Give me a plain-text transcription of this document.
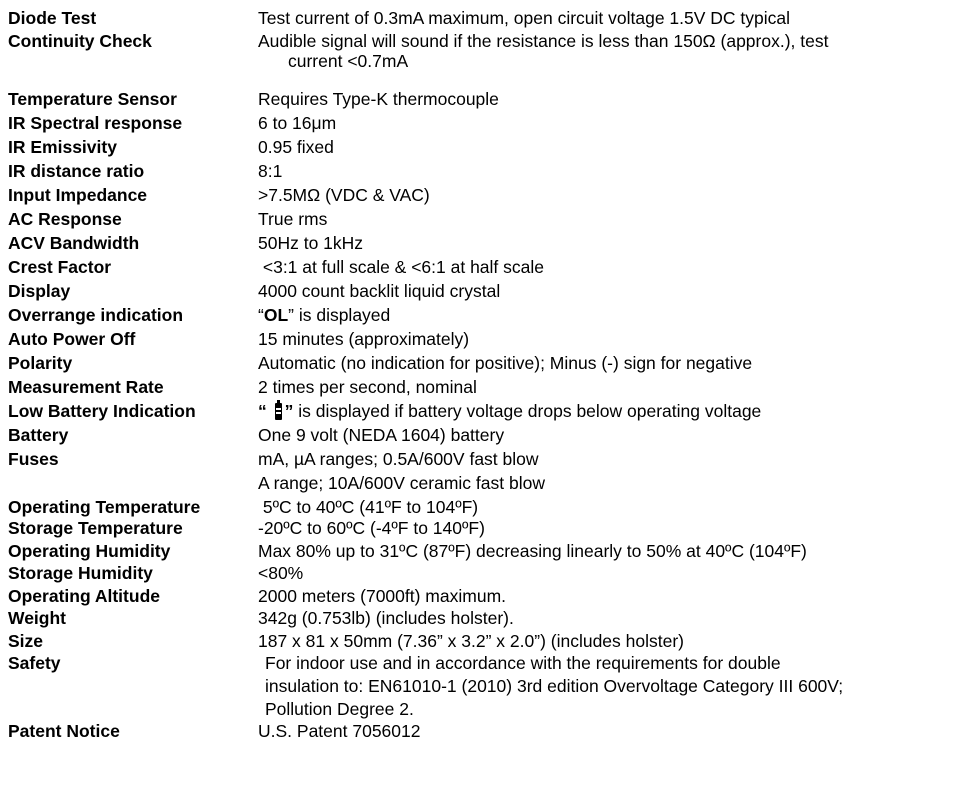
Diode Test	Test current of 0.3mA maximum, open circuit voltage 1.5V DC typical
Continuity Check	Audible signal will sound if the resistance is less than 150Ω (approx.), test
current <0.7mA
Temperature Sensor	Requires Type-K thermocouple
IR Spectral response	6 to 16μm
IR Emissivity	0.95 fixed
IR distance ratio	8:1
Input Impedance	>7.5MΩ (VDC & VAC)
AC Response	True rms
ACV Bandwidth	50Hz to 1kHz
Crest Factor	<3:1 at full scale & <6:1 at half scale
Display	4000 count backlit liquid crystal
Overrange indication	“OL” is displayed
Auto Power Off	15 minutes (approximately)
Polarity	Automatic (no indication for positive); Minus (-) sign for negative
Measurement Rate	2 times per second, nominal
Low Battery Indication	“ ” is displayed if battery voltage drops below operating voltage
Battery	One 9 volt (NEDA 1604) battery
Fuses	mA, µA ranges; 0.5A/600V fast blow
A range; 10A/600V ceramic fast blow
Operating Temperature	5ºC to 40ºC (41ºF to 104ºF)
Storage Temperature	-20ºC to 60ºC (-4ºF to 140ºF)
Operating Humidity	Max 80% up to 31ºC (87ºF) decreasing linearly to 50% at 40ºC (104ºF)
Storage Humidity	<80%
Operating Altitude	2000 meters (7000ft) maximum.
Weight	342g (0.753lb) (includes holster).
Size	187 x 81 x 50mm (7.36” x 3.2” x 2.0”) (includes holster)
Safety	For indoor use and in accordance with the requirements for double
insulation to: EN61010-1 (2010) 3rd edition Overvoltage Category III 600V;
Pollution Degree 2.
Patent Notice	U.S. Patent 7056012
